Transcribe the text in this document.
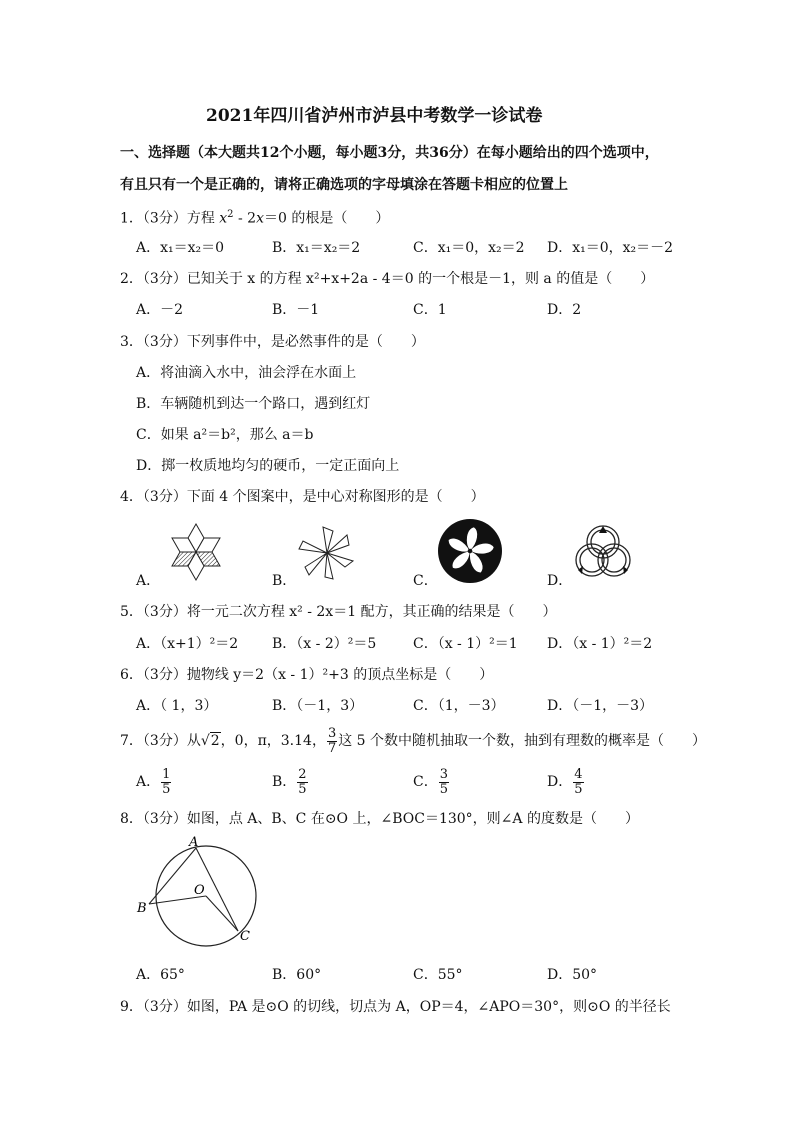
2021年四川省泸州市泸县中考数学一诊试卷
一、选择题（本大题共12个小题，每小题3分，共36分）在每小题给出的四个选项中，
有且只有一个是正确的，请将正确选项的字母填涂在答题卡相应的位置上
1．（3分）方程 $x^2 - 2x=0$ 的根是（　　）
A．x₁＝x₂＝0	B．x₁＝x₂＝2	C．x₁＝0，x₂＝2 D．x₁＝0，x₂＝－2
2．（3分）已知关于 x 的方程 x²+x+2a - 4＝0 的一个根是－1，则 a 的值是（　　）
A．－2	B．－1	C．1	D．2
3．（3分）下列事件中，是必然事件的是（　　）
A．将油滴入水中，油会浮在水面上
B．车辆随机到达一个路口，遇到红灯
C．如果 a²＝b²，那么 a＝b
D．掷一枚质地均匀的硬币，一定正面向上
4．（3分）下面 4 个图案中，是中心对称图形的是（　　）
A．	B．	C．	D．
5．（3分）将一元二次方程 x² - 2x＝1 配方，其正确的结果是（　　）
A．（x+1）²＝2 B．（x - 2）²＝5	C．（x - 1）²＝1 D．（x - 1）²＝2
6．（3分）抛物线 y＝2（x - 1）²+3 的顶点坐标是（　　）
A．（ 1，3）	B．（－1，3）	C．（1，－3）	D．（－1，－3）
7．（3分）从√2，0，π，3.14， $\frac{3}{7}$ 这 5 个数中随机抽取一个数，抽到有理数的概率是（　　）
A． $\frac{1}{5}$	B． $\frac{2}{5}$	C． $\frac{3}{5}$	D． $\frac{4}{5}$
8．（3分）如图，点 A、B、C 在⊙O 上，∠BOC＝130°，则∠A 的度数是（　　）
A
B
C
O
A．65°	B．60°	C．55°	D．50°
9．（3分）如图，PA 是⊙O 的切线，切点为 A，OP＝4，∠APO＝30°，则⊙O 的半径长
